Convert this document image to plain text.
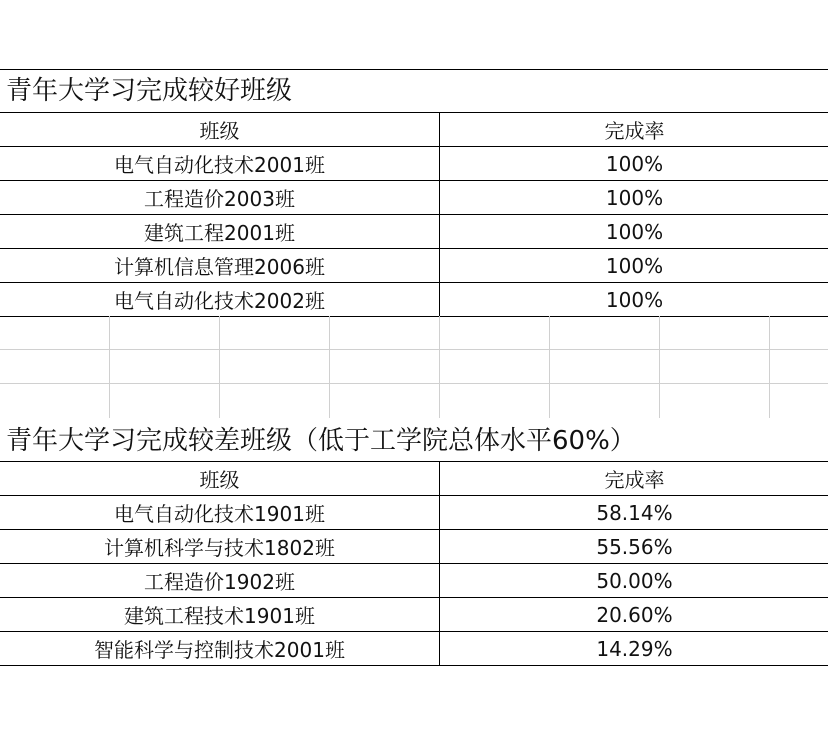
青年大学习完成较好班级
班级	完成率
电气自动化技术2001班	100%
工程造价2003班	100%
建筑工程2001班	100%
计算机信息管理2006班	100%
电气自动化技术2002班	100%
青年大学习完成较差班级（低于工学院总体水平60%）
班级	完成率
电气自动化技术1901班	58.14%
计算机科学与技术1802班	55.56%
工程造价1902班	50.00%
建筑工程技术1901班	20.60%
智能科学与控制技术2001班	14.29%
